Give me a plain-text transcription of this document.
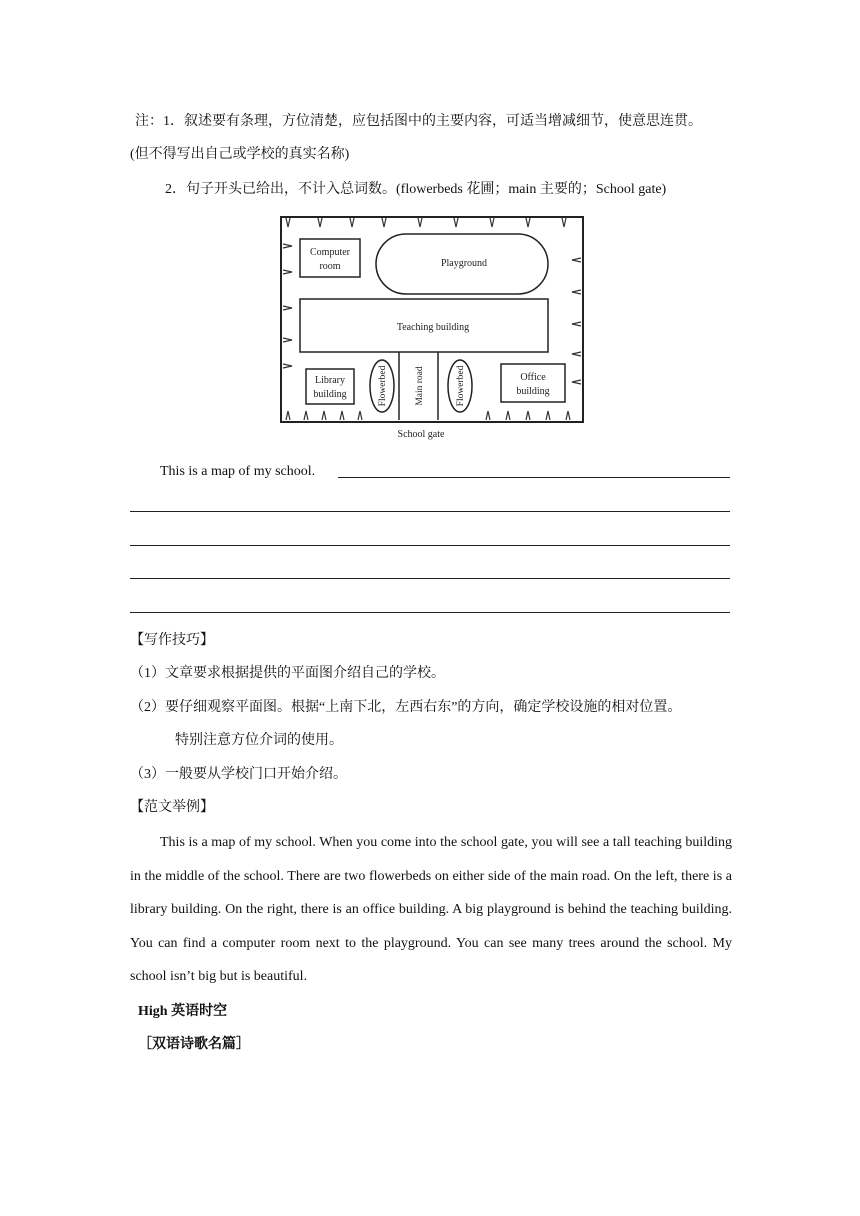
注：1．叙述要有条理，方位清楚，应包括图中的主要内容，可适当增减细节，使意思连贯。
(但不得写出自己或学校的真实名称)
2．句子开头已给出，不计入总词数。(flowerbeds 花圃；main 主要的；School gate)
Computer
room	Playground
Teaching building
Library
building	Flowerbed	Main road	Flowerbed	Office
building
School gate
This is a map of my school.
【写作技巧】
（1）文章要求根据提供的平面图介绍自己的学校。
（2）要仔细观察平面图。根据“上南下北，左西右东”的方向，确定学校设施的相对位置。
特别注意方位介词的使用。
（3）一般要从学校门口开始介绍。
【范文举例】
This is a map of my school. When you come into the school gate, you will see a tall teaching building in the middle of the school. There are two flowerbeds on either side of the main road. On the left, there is a library building. On the right, there is an office building. A big playground is behind the teaching building. You can find a computer room next to the playground. You can see many trees around the school. My school isn’t big but is beautiful.
High 英语时空
［双语诗歌名篇］
